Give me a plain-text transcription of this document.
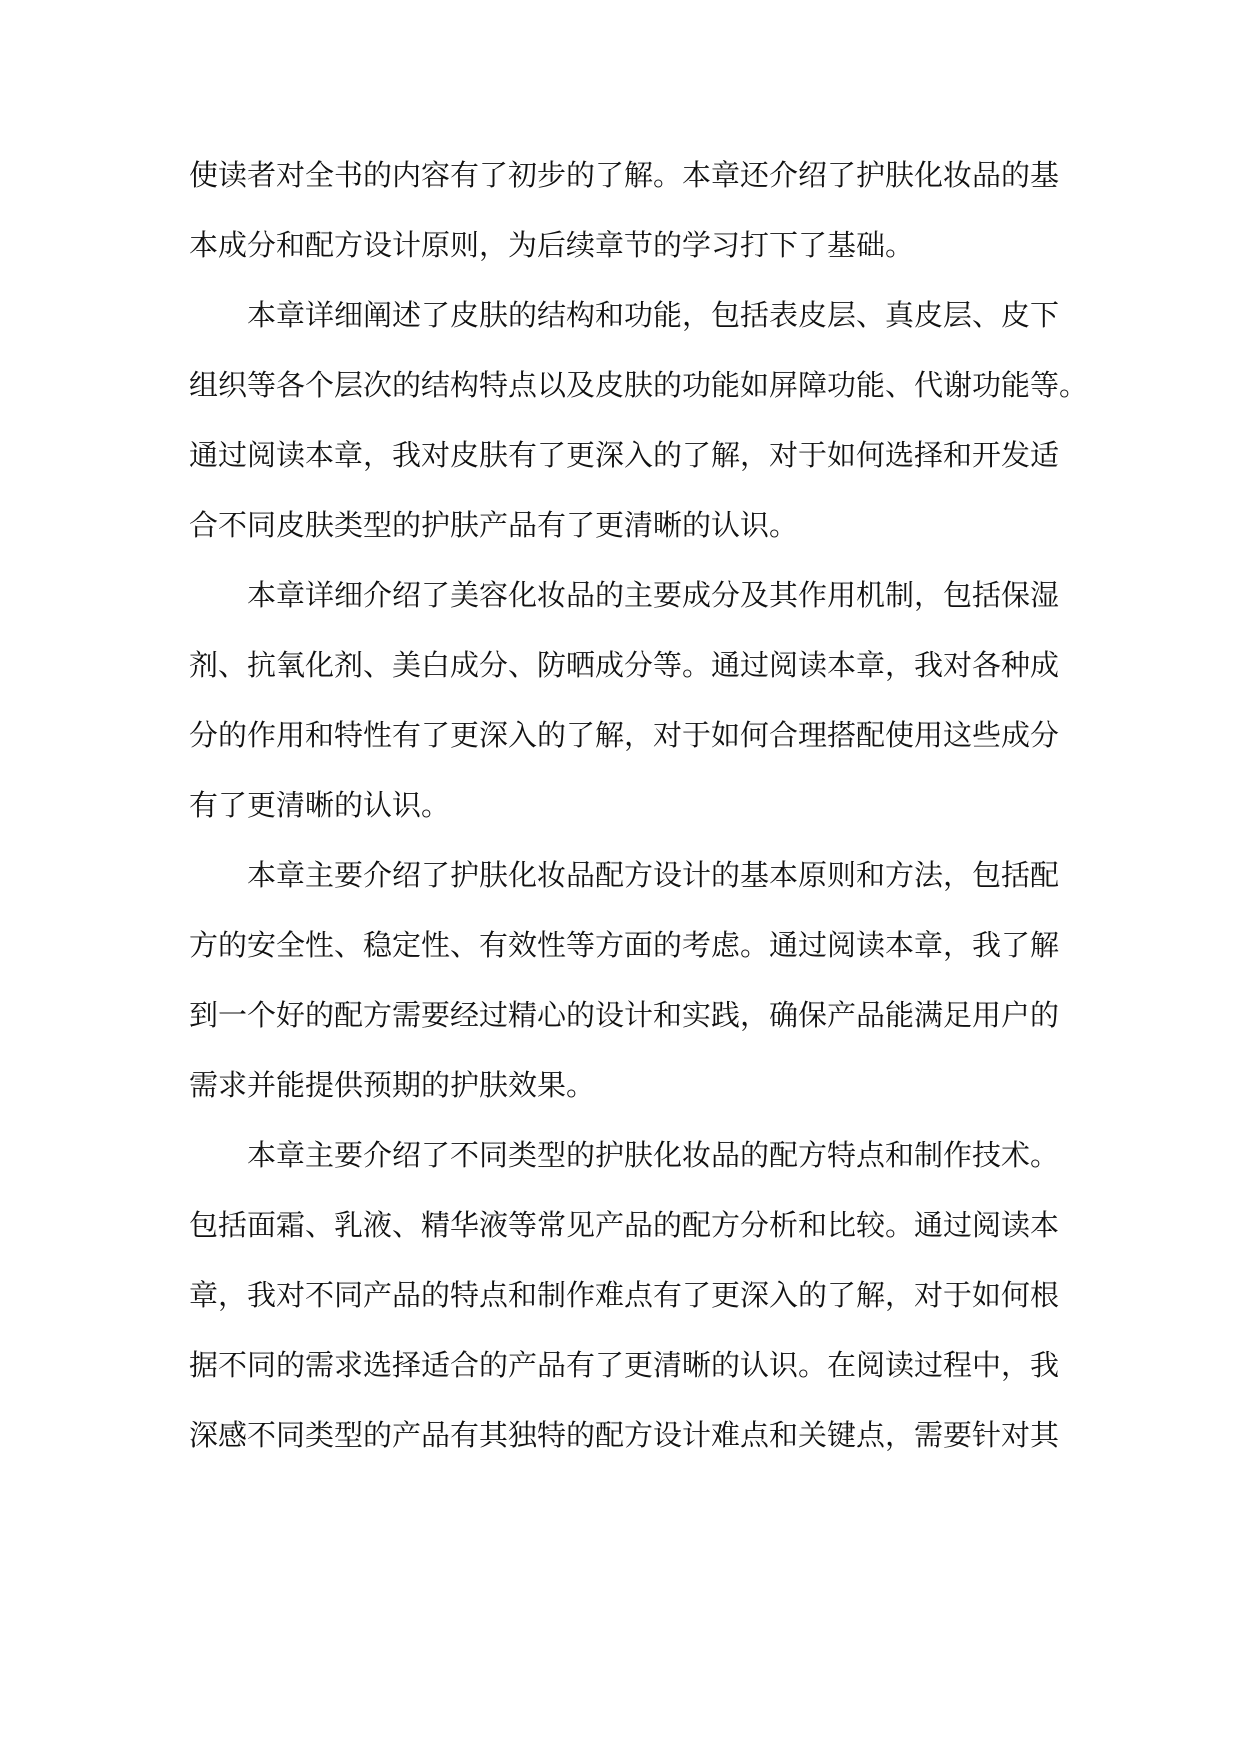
使读者对全书的内容有了初步的了解。本章还介绍了护肤化妆品的基
本成分和配方设计原则，为后续章节的学习打下了基础。
本章详细阐述了皮肤的结构和功能，包括表皮层、真皮层、皮下
组织等各个层次的结构特点以及皮肤的功能如屏障功能、代谢功能等。
通过阅读本章，我对皮肤有了更深入的了解，对于如何选择和开发适
合不同皮肤类型的护肤产品有了更清晰的认识。
本章详细介绍了美容化妆品的主要成分及其作用机制，包括保湿
剂、抗氧化剂、美白成分、防晒成分等。通过阅读本章，我对各种成
分的作用和特性有了更深入的了解，对于如何合理搭配使用这些成分
有了更清晰的认识。
本章主要介绍了护肤化妆品配方设计的基本原则和方法，包括配
方的安全性、稳定性、有效性等方面的考虑。通过阅读本章，我了解
到一个好的配方需要经过精心的设计和实践，确保产品能满足用户的
需求并能提供预期的护肤效果。
本章主要介绍了不同类型的护肤化妆品的配方特点和制作技术。
包括面霜、乳液、精华液等常见产品的配方分析和比较。通过阅读本
章，我对不同产品的特点和制作难点有了更深入的了解，对于如何根
据不同的需求选择适合的产品有了更清晰的认识。在阅读过程中，我
深感不同类型的产品有其独特的配方设计难点和关键点，需要针对其
